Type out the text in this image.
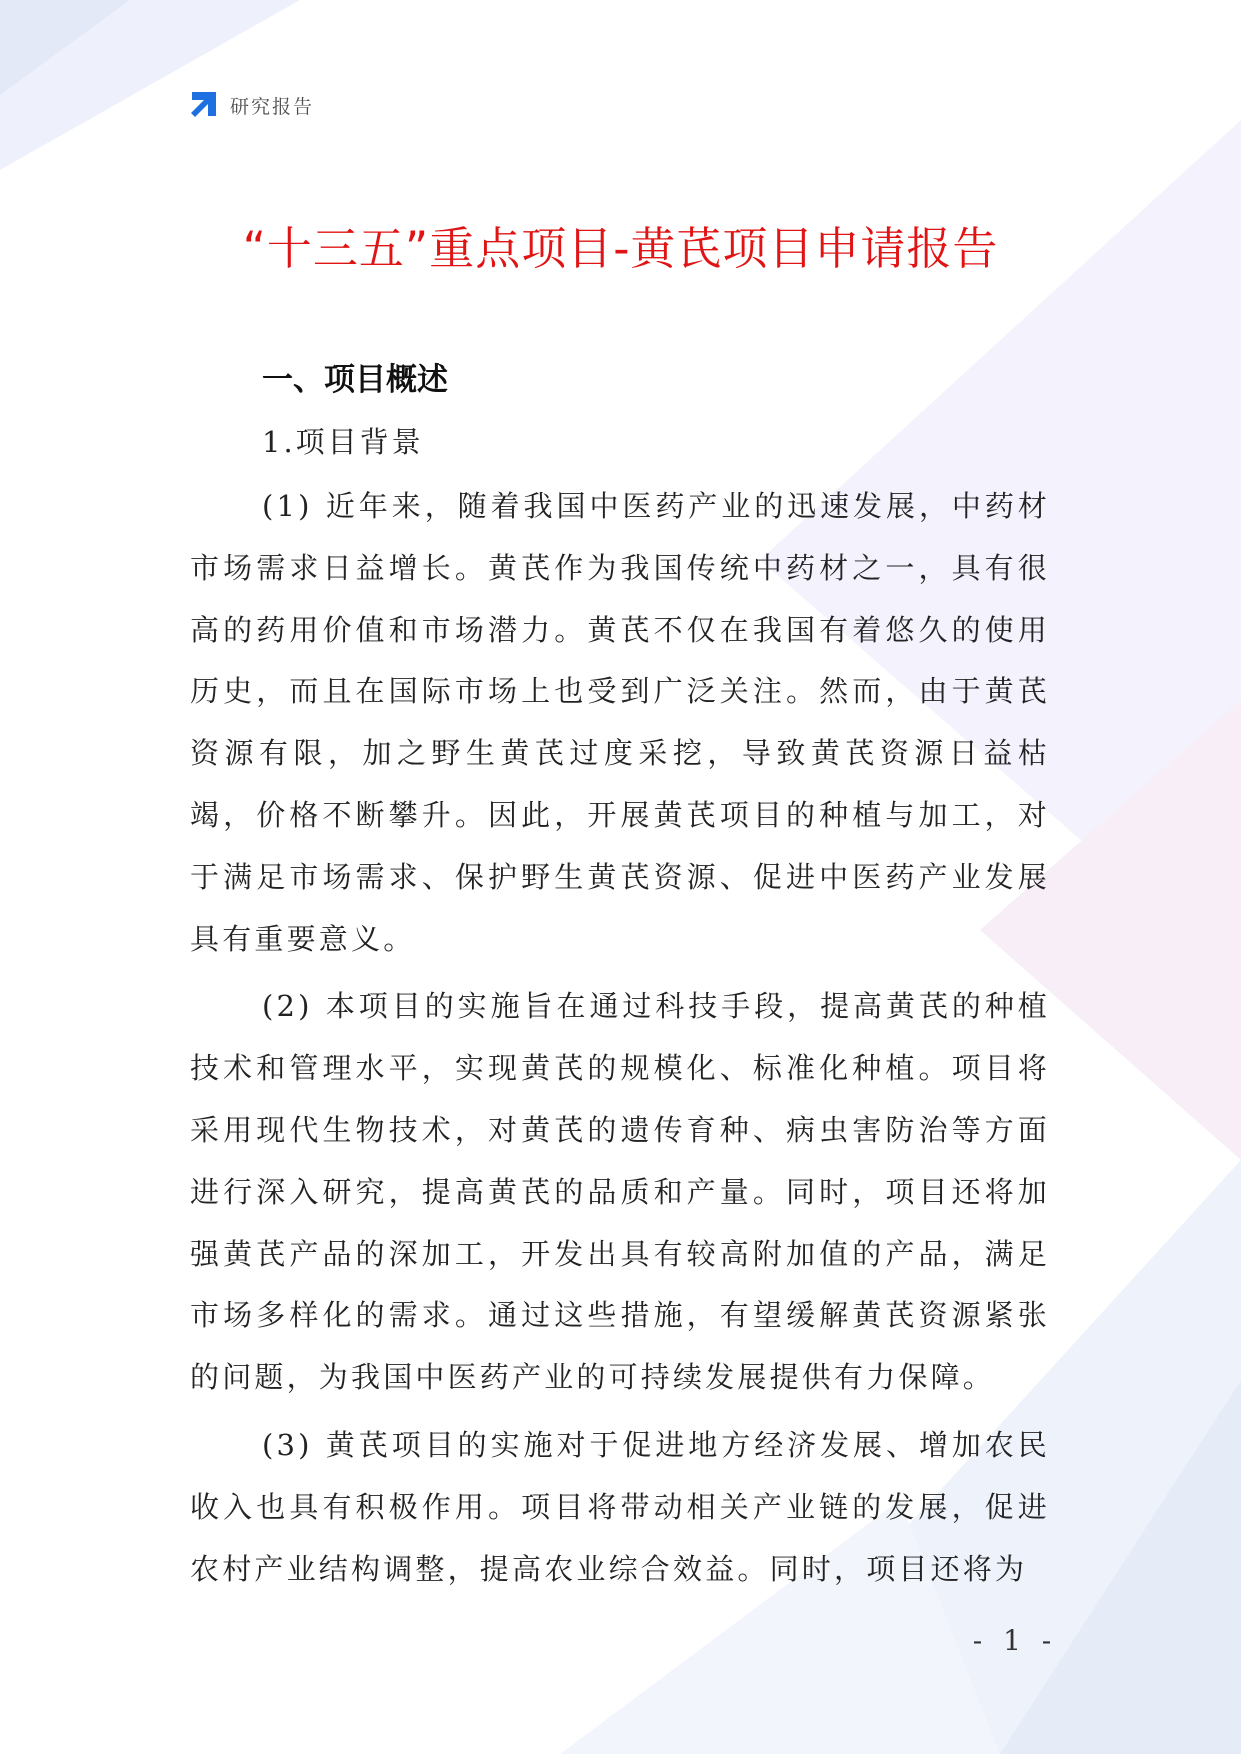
研究报告
“十三五”重点项目-黄芪项目申请报告
一、项目概述
1.项目背景

(1) 近年来，随着我国中医药产业的迅速发展，中药材市场需求日益增长。黄芪作为我国传统中药材之一，具有很高的药用价值和市场潜力。黄芪不仅在我国有着悠久的使用历史，而且在国际市场上也受到广泛关注。然而，由于黄芪资源有限，加之野生黄芪过度采挖，导致黄芪资源日益枯竭，价格不断攀升。因此，开展黄芪项目的种植与加工，对于满足市场需求、保护野生黄芪资源、促进中医药产业发展具有重要意义。

(2) 本项目的实施旨在通过科技手段，提高黄芪的种植技术和管理水平，实现黄芪的规模化、标准化种植。项目将采用现代生物技术，对黄芪的遗传育种、病虫害防治等方面进行深入研究，提高黄芪的品质和产量。同时，项目还将加强黄芪产品的深加工，开发出具有较高附加值的产品，满足市场多样化的需求。通过这些措施，有望缓解黄芪资源紧张的问题，为我国中医药产业的可持续发展提供有力保障。

(3) 黄芪项目的实施对于促进地方经济发展、增加农民收入也具有积极作用。项目将带动相关产业链的发展，促进农村产业结构调整，提高农业综合效益。同时，项目还将为

- 1 -
